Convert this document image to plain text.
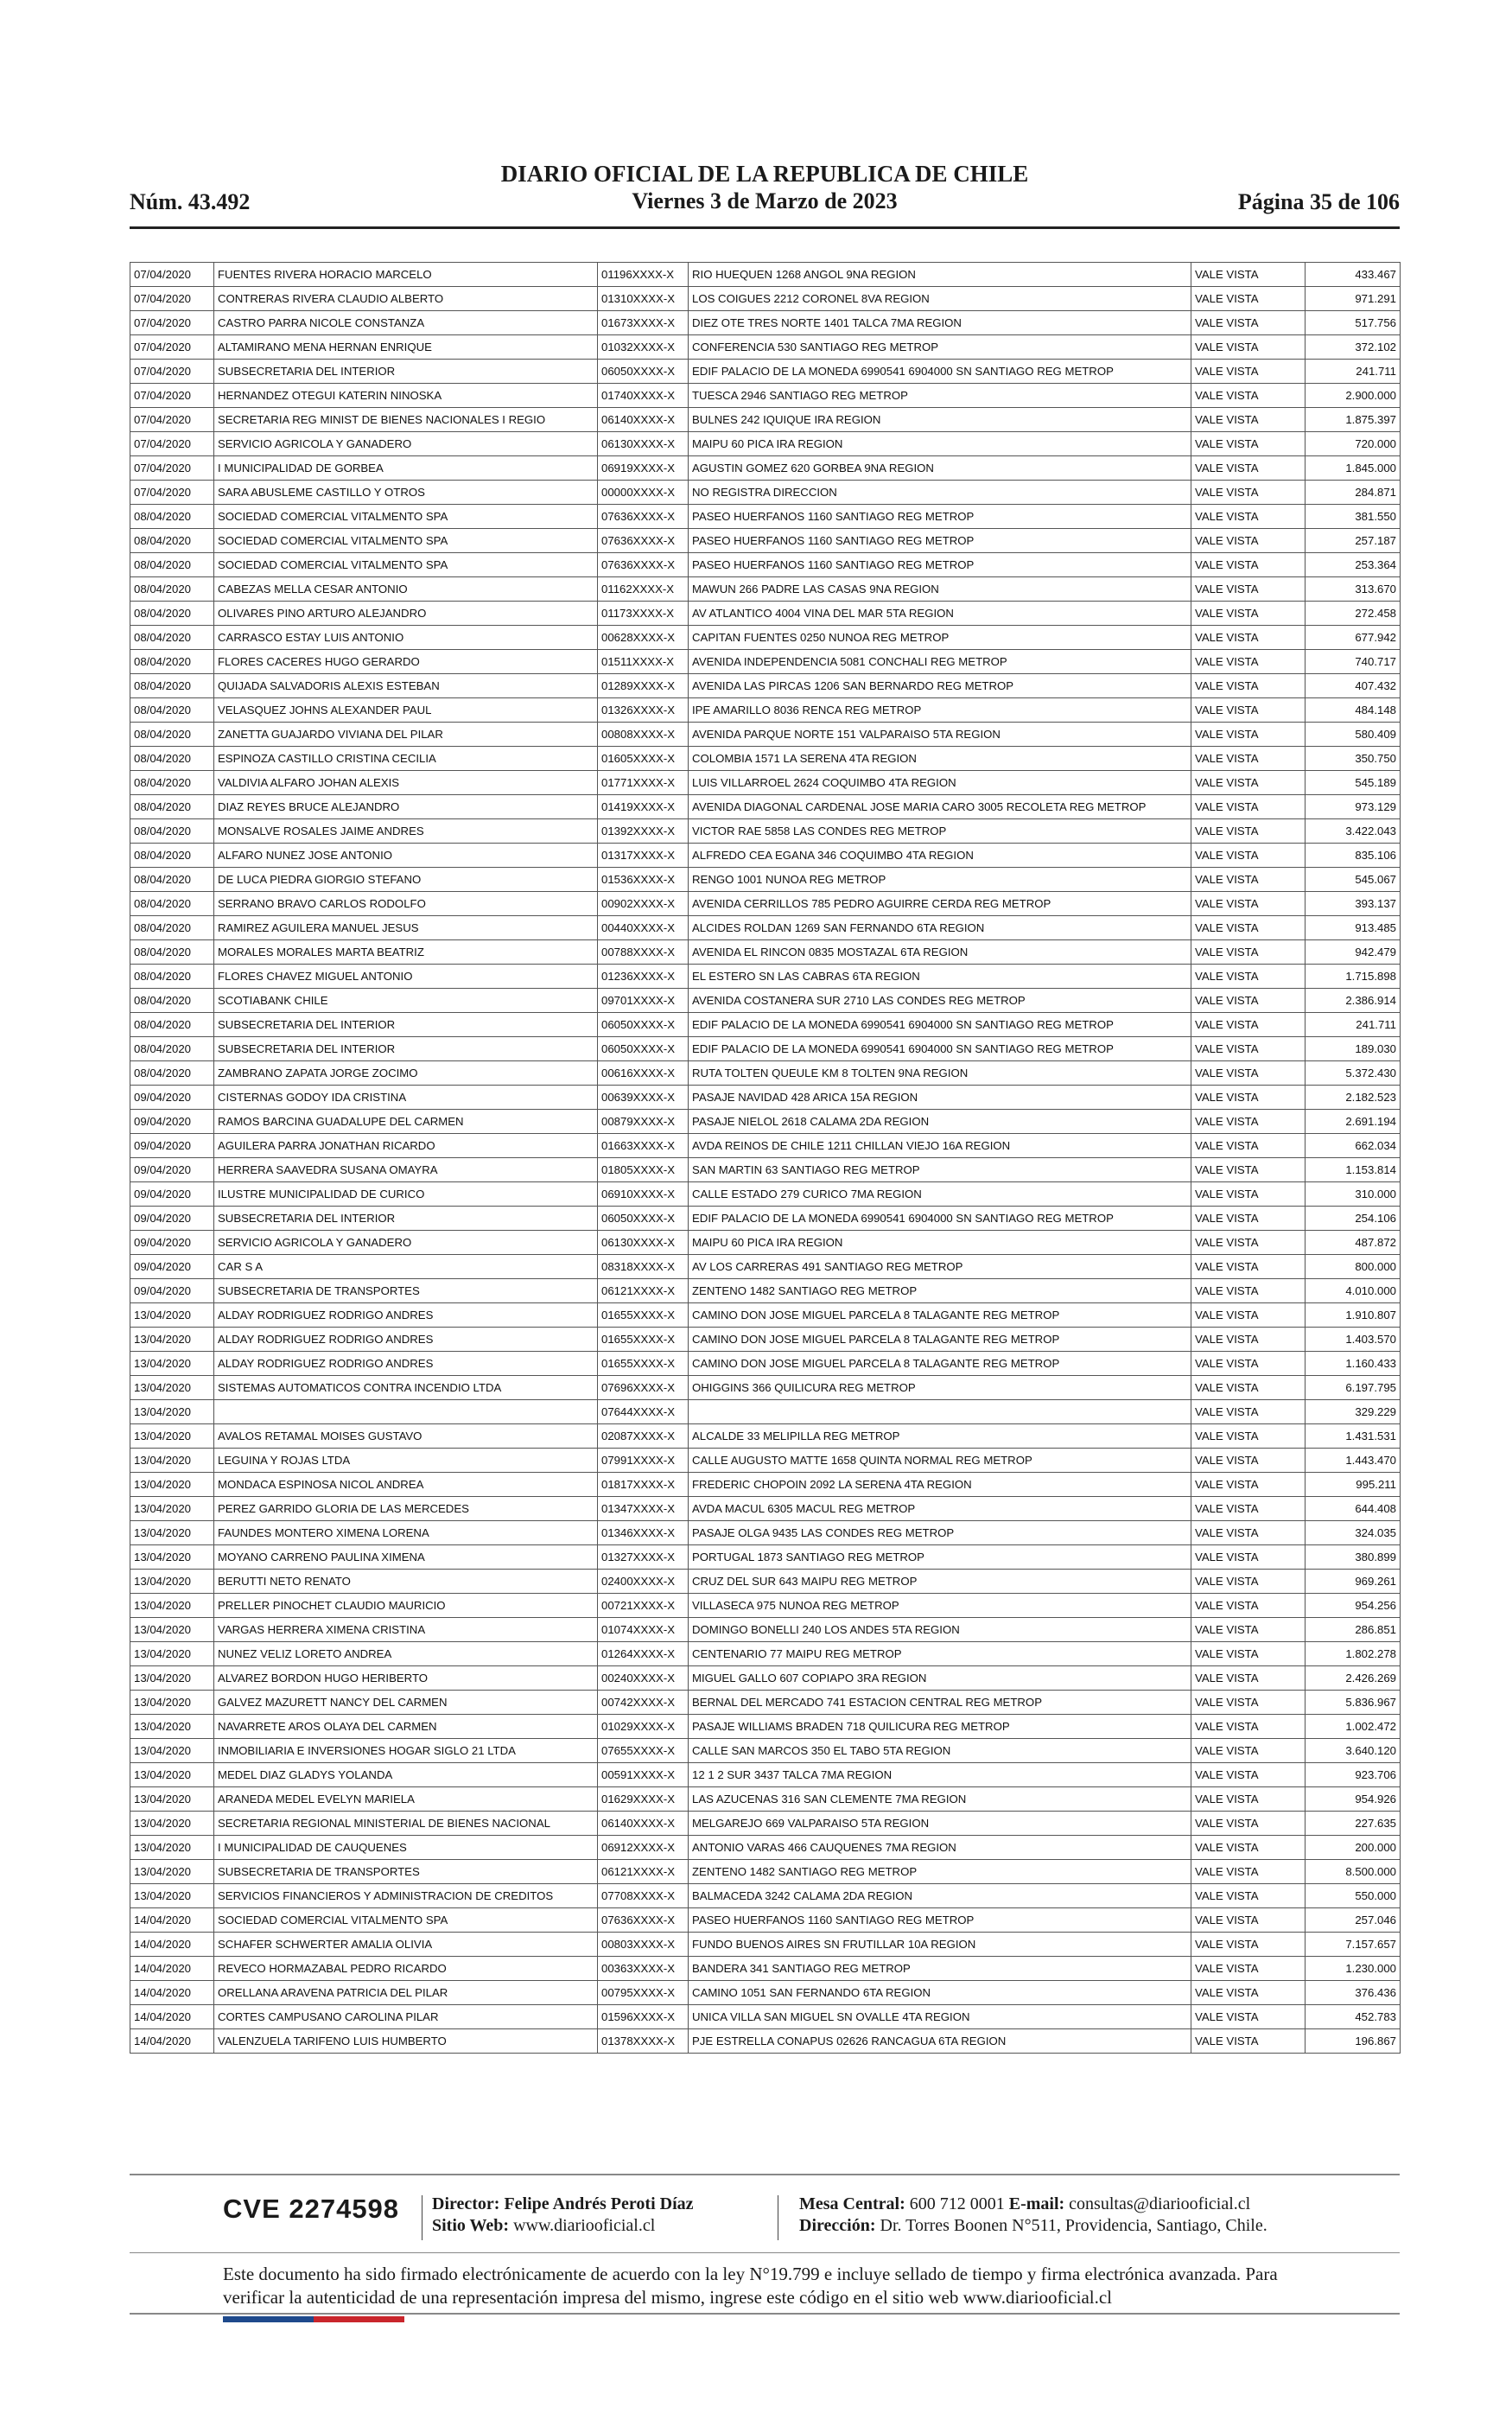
Núm. 43.492
DIARIO OFICIAL DE LA REPUBLICA DE CHILE
Viernes 3 de Marzo de 2023	Página 35 de 106
07/04/2020	FUENTES RIVERA HORACIO MARCELO	01196XXXX-X	RIO HUEQUEN 1268 ANGOL 9NA REGION	VALE VISTA	433.467
07/04/2020	CONTRERAS RIVERA CLAUDIO ALBERTO	01310XXXX-X	LOS COIGUES 2212 CORONEL 8VA REGION	VALE VISTA	971.291
07/04/2020	CASTRO PARRA NICOLE CONSTANZA	01673XXXX-X	DIEZ OTE TRES NORTE 1401 TALCA 7MA REGION	VALE VISTA	517.756
07/04/2020	ALTAMIRANO MENA HERNAN ENRIQUE	01032XXXX-X	CONFERENCIA 530 SANTIAGO REG METROP	VALE VISTA	372.102
07/04/2020	SUBSECRETARIA DEL INTERIOR	06050XXXX-X	EDIF PALACIO DE LA MONEDA 6990541 6904000 SN SANTIAGO REG METROP	VALE VISTA	241.711
07/04/2020	HERNANDEZ OTEGUI KATERIN NINOSKA	01740XXXX-X	TUESCA 2946 SANTIAGO REG METROP	VALE VISTA	2.900.000
07/04/2020	SECRETARIA REG MINIST DE BIENES NACIONALES I REGIO	06140XXXX-X	BULNES 242 IQUIQUE IRA REGION	VALE VISTA	1.875.397
07/04/2020	SERVICIO AGRICOLA Y GANADERO	06130XXXX-X	MAIPU 60 PICA IRA REGION	VALE VISTA	720.000
07/04/2020	I MUNICIPALIDAD DE GORBEA	06919XXXX-X	AGUSTIN GOMEZ 620 GORBEA 9NA REGION	VALE VISTA	1.845.000
07/04/2020	SARA ABUSLEME CASTILLO Y OTROS	00000XXXX-X	NO REGISTRA DIRECCION	VALE VISTA	284.871
08/04/2020	SOCIEDAD COMERCIAL VITALMENTO SPA	07636XXXX-X	PASEO HUERFANOS 1160 SANTIAGO REG METROP	VALE VISTA	381.550
08/04/2020	SOCIEDAD COMERCIAL VITALMENTO SPA	07636XXXX-X	PASEO HUERFANOS 1160 SANTIAGO REG METROP	VALE VISTA	257.187
08/04/2020	SOCIEDAD COMERCIAL VITALMENTO SPA	07636XXXX-X	PASEO HUERFANOS 1160 SANTIAGO REG METROP	VALE VISTA	253.364
08/04/2020	CABEZAS MELLA CESAR ANTONIO	01162XXXX-X	MAWUN 266 PADRE LAS CASAS 9NA REGION	VALE VISTA	313.670
08/04/2020	OLIVARES PINO ARTURO ALEJANDRO	01173XXXX-X	AV ATLANTICO 4004 VINA DEL MAR 5TA REGION	VALE VISTA	272.458
08/04/2020	CARRASCO ESTAY LUIS ANTONIO	00628XXXX-X	CAPITAN FUENTES 0250 NUNOA REG METROP	VALE VISTA	677.942
08/04/2020	FLORES CACERES HUGO GERARDO	01511XXXX-X	AVENIDA INDEPENDENCIA 5081 CONCHALI REG METROP	VALE VISTA	740.717
08/04/2020	QUIJADA SALVADORIS ALEXIS ESTEBAN	01289XXXX-X	AVENIDA LAS PIRCAS 1206 SAN BERNARDO REG METROP	VALE VISTA	407.432
08/04/2020	VELASQUEZ JOHNS ALEXANDER PAUL	01326XXXX-X	IPE AMARILLO 8036 RENCA REG METROP	VALE VISTA	484.148
08/04/2020	ZANETTA GUAJARDO VIVIANA DEL PILAR	00808XXXX-X	AVENIDA PARQUE NORTE 151 VALPARAISO 5TA REGION	VALE VISTA	580.409
08/04/2020	ESPINOZA CASTILLO CRISTINA CECILIA	01605XXXX-X	COLOMBIA 1571 LA SERENA 4TA REGION	VALE VISTA	350.750
08/04/2020	VALDIVIA ALFARO JOHAN ALEXIS	01771XXXX-X	LUIS VILLARROEL 2624 COQUIMBO 4TA REGION	VALE VISTA	545.189
08/04/2020	DIAZ REYES BRUCE ALEJANDRO	01419XXXX-X	AVENIDA DIAGONAL CARDENAL JOSE MARIA CARO 3005 RECOLETA REG METROP	VALE VISTA	973.129
08/04/2020	MONSALVE ROSALES JAIME ANDRES	01392XXXX-X	VICTOR RAE 5858 LAS CONDES REG METROP	VALE VISTA	3.422.043
08/04/2020	ALFARO NUNEZ JOSE ANTONIO	01317XXXX-X	ALFREDO CEA EGANA 346 COQUIMBO 4TA REGION	VALE VISTA	835.106
08/04/2020	DE LUCA PIEDRA GIORGIO STEFANO	01536XXXX-X	RENGO 1001 NUNOA REG METROP	VALE VISTA	545.067
08/04/2020	SERRANO BRAVO CARLOS RODOLFO	00902XXXX-X	AVENIDA CERRILLOS 785 PEDRO AGUIRRE CERDA REG METROP	VALE VISTA	393.137
08/04/2020	RAMIREZ AGUILERA MANUEL JESUS	00440XXXX-X	ALCIDES ROLDAN 1269 SAN FERNANDO 6TA REGION	VALE VISTA	913.485
08/04/2020	MORALES MORALES MARTA BEATRIZ	00788XXXX-X	AVENIDA EL RINCON 0835 MOSTAZAL 6TA REGION	VALE VISTA	942.479
08/04/2020	FLORES CHAVEZ MIGUEL ANTONIO	01236XXXX-X	EL ESTERO SN LAS CABRAS 6TA REGION	VALE VISTA	1.715.898
08/04/2020	SCOTIABANK CHILE	09701XXXX-X	AVENIDA COSTANERA SUR 2710 LAS CONDES REG METROP	VALE VISTA	2.386.914
08/04/2020	SUBSECRETARIA DEL INTERIOR	06050XXXX-X	EDIF PALACIO DE LA MONEDA 6990541 6904000 SN SANTIAGO REG METROP	VALE VISTA	241.711
08/04/2020	SUBSECRETARIA DEL INTERIOR	06050XXXX-X	EDIF PALACIO DE LA MONEDA 6990541 6904000 SN SANTIAGO REG METROP	VALE VISTA	189.030
08/04/2020	ZAMBRANO ZAPATA JORGE ZOCIMO	00616XXXX-X	RUTA TOLTEN QUEULE KM 8 TOLTEN 9NA REGION	VALE VISTA	5.372.430
09/04/2020	CISTERNAS GODOY IDA CRISTINA	00639XXXX-X	PASAJE NAVIDAD 428 ARICA 15A REGION	VALE VISTA	2.182.523
09/04/2020	RAMOS BARCINA GUADALUPE DEL CARMEN	00879XXXX-X	PASAJE NIELOL 2618 CALAMA 2DA REGION	VALE VISTA	2.691.194
09/04/2020	AGUILERA PARRA JONATHAN RICARDO	01663XXXX-X	AVDA REINOS DE CHILE 1211 CHILLAN VIEJO 16A REGION	VALE VISTA	662.034
09/04/2020	HERRERA SAAVEDRA SUSANA OMAYRA	01805XXXX-X	SAN MARTIN 63 SANTIAGO REG METROP	VALE VISTA	1.153.814
09/04/2020	ILUSTRE MUNICIPALIDAD DE CURICO	06910XXXX-X	CALLE ESTADO 279 CURICO 7MA REGION	VALE VISTA	310.000
09/04/2020	SUBSECRETARIA DEL INTERIOR	06050XXXX-X	EDIF PALACIO DE LA MONEDA 6990541 6904000 SN SANTIAGO REG METROP	VALE VISTA	254.106
09/04/2020	SERVICIO AGRICOLA Y GANADERO	06130XXXX-X	MAIPU 60 PICA IRA REGION	VALE VISTA	487.872
09/04/2020	CAR S A	08318XXXX-X	AV LOS CARRERAS 491 SANTIAGO REG METROP	VALE VISTA	800.000
09/04/2020	SUBSECRETARIA DE TRANSPORTES	06121XXXX-X	ZENTENO 1482 SANTIAGO REG METROP	VALE VISTA	4.010.000
13/04/2020	ALDAY RODRIGUEZ RODRIGO ANDRES	01655XXXX-X	CAMINO DON JOSE MIGUEL PARCELA 8 TALAGANTE REG METROP	VALE VISTA	1.910.807
13/04/2020	ALDAY RODRIGUEZ RODRIGO ANDRES	01655XXXX-X	CAMINO DON JOSE MIGUEL PARCELA 8 TALAGANTE REG METROP	VALE VISTA	1.403.570
13/04/2020	ALDAY RODRIGUEZ RODRIGO ANDRES	01655XXXX-X	CAMINO DON JOSE MIGUEL PARCELA 8 TALAGANTE REG METROP	VALE VISTA	1.160.433
13/04/2020	SISTEMAS AUTOMATICOS CONTRA INCENDIO LTDA	07696XXXX-X	OHIGGINS 366 QUILICURA REG METROP	VALE VISTA	6.197.795
13/04/2020		07644XXXX-X		VALE VISTA	329.229
13/04/2020	AVALOS RETAMAL MOISES GUSTAVO	02087XXXX-X	ALCALDE 33 MELIPILLA REG METROP	VALE VISTA	1.431.531
13/04/2020	LEGUINA Y ROJAS LTDA	07991XXXX-X	CALLE AUGUSTO MATTE 1658 QUINTA NORMAL REG METROP	VALE VISTA	1.443.470
13/04/2020	MONDACA ESPINOSA NICOL ANDREA	01817XXXX-X	FREDERIC CHOPOIN 2092 LA SERENA 4TA REGION	VALE VISTA	995.211
13/04/2020	PEREZ GARRIDO GLORIA DE LAS MERCEDES	01347XXXX-X	AVDA MACUL 6305 MACUL REG METROP	VALE VISTA	644.408
13/04/2020	FAUNDES MONTERO XIMENA LORENA	01346XXXX-X	PASAJE OLGA 9435 LAS CONDES REG METROP	VALE VISTA	324.035
13/04/2020	MOYANO CARRENO PAULINA XIMENA	01327XXXX-X	PORTUGAL 1873 SANTIAGO REG METROP	VALE VISTA	380.899
13/04/2020	BERUTTI NETO RENATO	02400XXXX-X	CRUZ DEL SUR 643 MAIPU REG METROP	VALE VISTA	969.261
13/04/2020	PRELLER PINOCHET CLAUDIO MAURICIO	00721XXXX-X	VILLASECA 975 NUNOA REG METROP	VALE VISTA	954.256
13/04/2020	VARGAS HERRERA XIMENA CRISTINA	01074XXXX-X	DOMINGO BONELLI 240 LOS ANDES 5TA REGION	VALE VISTA	286.851
13/04/2020	NUNEZ VELIZ LORETO ANDREA	01264XXXX-X	CENTENARIO 77 MAIPU REG METROP	VALE VISTA	1.802.278
13/04/2020	ALVAREZ BORDON HUGO HERIBERTO	00240XXXX-X	MIGUEL GALLO 607 COPIAPO 3RA REGION	VALE VISTA	2.426.269
13/04/2020	GALVEZ MAZURETT NANCY DEL CARMEN	00742XXXX-X	BERNAL DEL MERCADO 741 ESTACION CENTRAL REG METROP	VALE VISTA	5.836.967
13/04/2020	NAVARRETE AROS OLAYA DEL CARMEN	01029XXXX-X	PASAJE WILLIAMS BRADEN 718 QUILICURA REG METROP	VALE VISTA	1.002.472
13/04/2020	INMOBILIARIA E INVERSIONES HOGAR SIGLO 21 LTDA	07655XXXX-X	CALLE SAN MARCOS 350 EL TABO 5TA REGION	VALE VISTA	3.640.120
13/04/2020	MEDEL DIAZ GLADYS YOLANDA	00591XXXX-X	12 1 2 SUR 3437 TALCA 7MA REGION	VALE VISTA	923.706
13/04/2020	ARANEDA MEDEL EVELYN MARIELA	01629XXXX-X	LAS AZUCENAS 316 SAN CLEMENTE 7MA REGION	VALE VISTA	954.926
13/04/2020	SECRETARIA REGIONAL MINISTERIAL DE BIENES NACIONAL	06140XXXX-X	MELGAREJO 669 VALPARAISO 5TA REGION	VALE VISTA	227.635
13/04/2020	I MUNICIPALIDAD DE CAUQUENES	06912XXXX-X	ANTONIO VARAS 466 CAUQUENES 7MA REGION	VALE VISTA	200.000
13/04/2020	SUBSECRETARIA DE TRANSPORTES	06121XXXX-X	ZENTENO 1482 SANTIAGO REG METROP	VALE VISTA	8.500.000
13/04/2020	SERVICIOS FINANCIEROS Y ADMINISTRACION DE CREDITOS	07708XXXX-X	BALMACEDA 3242 CALAMA 2DA REGION	VALE VISTA	550.000
14/04/2020	SOCIEDAD COMERCIAL VITALMENTO SPA	07636XXXX-X	PASEO HUERFANOS 1160 SANTIAGO REG METROP	VALE VISTA	257.046
14/04/2020	SCHAFER SCHWERTER AMALIA OLIVIA	00803XXXX-X	FUNDO BUENOS AIRES SN FRUTILLAR 10A REGION	VALE VISTA	7.157.657
14/04/2020	REVECO HORMAZABAL PEDRO RICARDO	00363XXXX-X	BANDERA 341 SANTIAGO REG METROP	VALE VISTA	1.230.000
14/04/2020	ORELLANA ARAVENA PATRICIA DEL PILAR	00795XXXX-X	CAMINO 1051 SAN FERNANDO 6TA REGION	VALE VISTA	376.436
14/04/2020	CORTES CAMPUSANO CAROLINA PILAR	01596XXXX-X	UNICA VILLA SAN MIGUEL SN OVALLE 4TA REGION	VALE VISTA	452.783
14/04/2020	VALENZUELA TARIFENO LUIS HUMBERTO	01378XXXX-X	PJE ESTRELLA CONAPUS 02626 RANCAGUA 6TA REGION	VALE VISTA	196.867
CVE 2274598 Director: Felipe Andrés Peroti Díaz
Sitio Web: www.diariooficial.cl
Mesa Central: 600 712 0001 E-mail: consultas@diariooficial.cl
Dirección: Dr. Torres Boonen N°511, Providencia, Santiago, Chile.
Este documento ha sido firmado electrónicamente de acuerdo con la ley N°19.799 e incluye sellado de tiempo y firma electrónica avanzada. Para verificar la autenticidad de una representación impresa del mismo, ingrese este código en el sitio web www.diariooficial.cl
